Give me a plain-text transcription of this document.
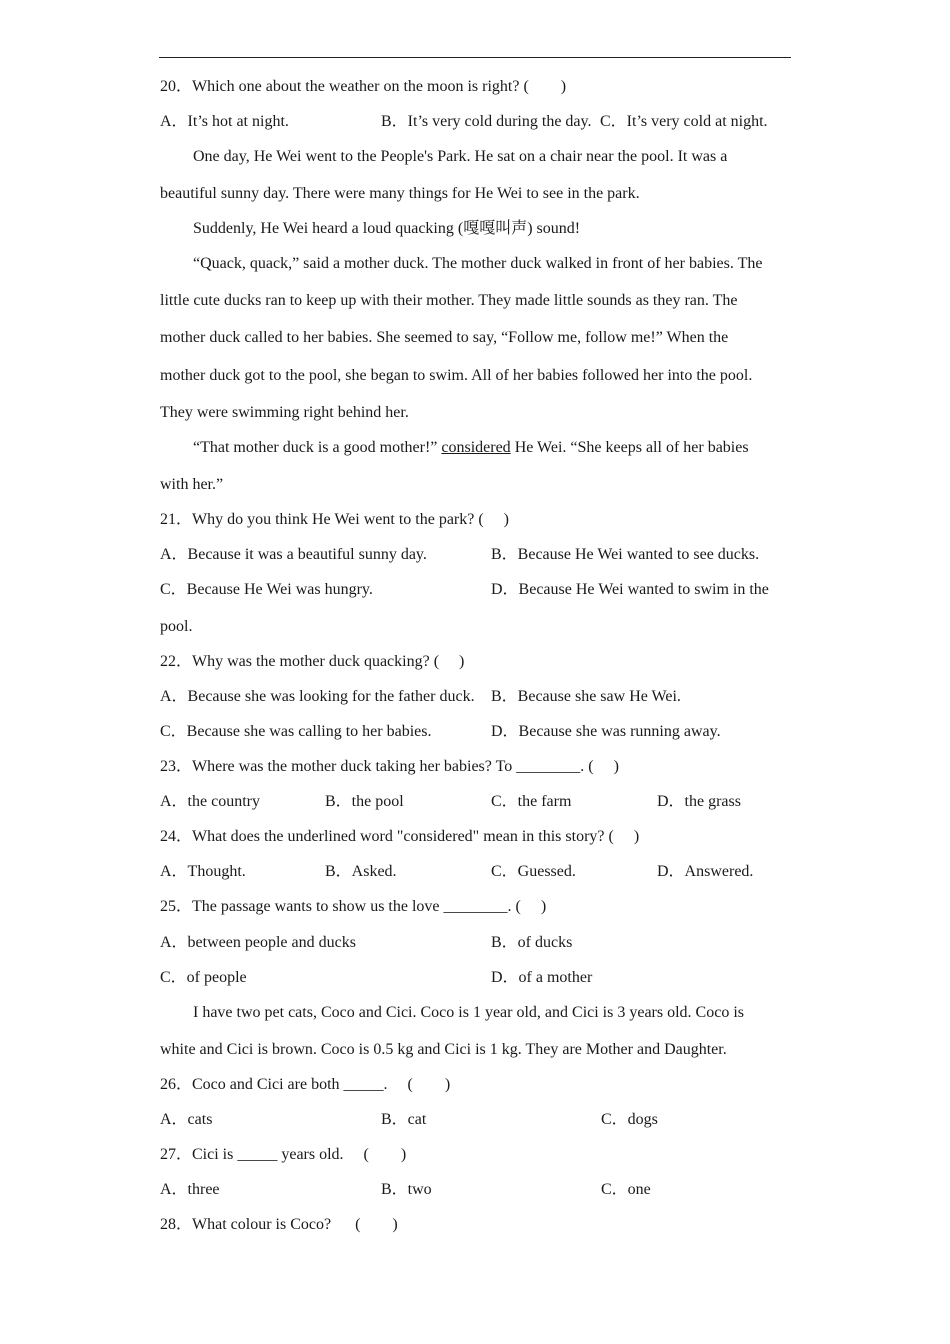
20．Which one about the weather on the moon is right? (　　)
A．It’s hot at night.	B．It’s very cold during the day. C．It’s very cold at night.
One day, He Wei went to the People's Park. He sat on a chair near the pool. It was a
beautiful sunny day. There were many things for He Wei to see in the park.
Suddenly, He Wei heard a loud quacking (嘎嘎叫声) sound!
“Quack, quack,” said a mother duck. The mother duck walked in front of her babies. The
little cute ducks ran to keep up with their mother. They made little sounds as they ran. The
mother duck called to her babies. She seemed to say, “Follow me, follow me!” When the
mother duck got to the pool, she began to swim. All of her babies followed her into the pool.
They were swimming right behind her.
“That mother duck is a good mother!” considered He Wei. “She keeps all of her babies
with her.”
21．Why do you think He Wei went to the park? (　 )
A．Because it was a beautiful sunny day.	B．Because He Wei wanted to see ducks.
C．Because He Wei was hungry.	D．Because He Wei wanted to swim in the
pool.
22．Why was the mother duck quacking? (　 )
A．Because she was looking for the father duck. B．Because she saw He Wei.
C．Because she was calling to her babies.	D．Because she was running away.
23．Where was the mother duck taking her babies? To ________. (　 )
A．the country	B．the pool	C．the farm	D．the grass
24．What does the underlined word "considered" mean in this story? (　 )
A．Thought.	B．Asked.	C．Guessed.	D．Answered.
25．The passage wants to show us the love ________. (　 )
A．between people and ducks	B．of ducks
C．of people	D．of a mother
I have two pet cats, Coco and Cici. Coco is 1 year old, and Cici is 3 years old. Coco is
white and Cici is brown. Coco is 0.5 kg and Cici is 1 kg. They are Mother and Daughter.
26．Coco and Cici are both _____. 　(　　)
A．cats	B．cat	C．dogs
27．Cici is _____ years old. 　(　　)
A．three	B．two	C．one
28．What colour is Coco? 　 (　　)
